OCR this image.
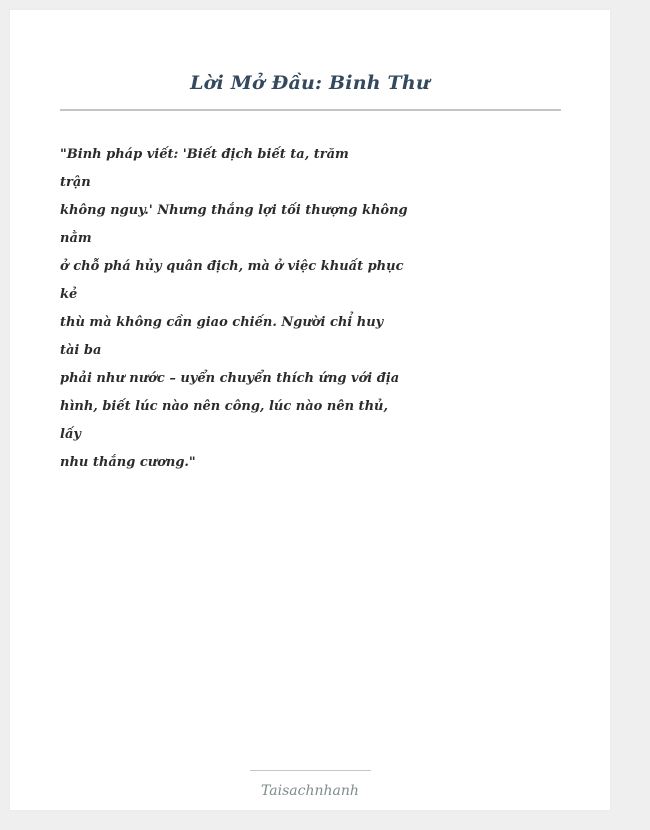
Lời Mở Đầu: Binh Thư
"Binh pháp viết: 'Biết địch biết ta, trăm
trận
không nguy.' Nhưng thắng lợi tối thượng không
nằm
ở chỗ phá hủy quân địch, mà ở việc khuất phục
kẻ
thù mà không cần giao chiến. Người chỉ huy
tài ba
phải như nước – uyển chuyển thích ứng với địa
hình, biết lúc nào nên công, lúc nào nên thủ,
lấy
nhu thắng cương."
Taisachnhanh
